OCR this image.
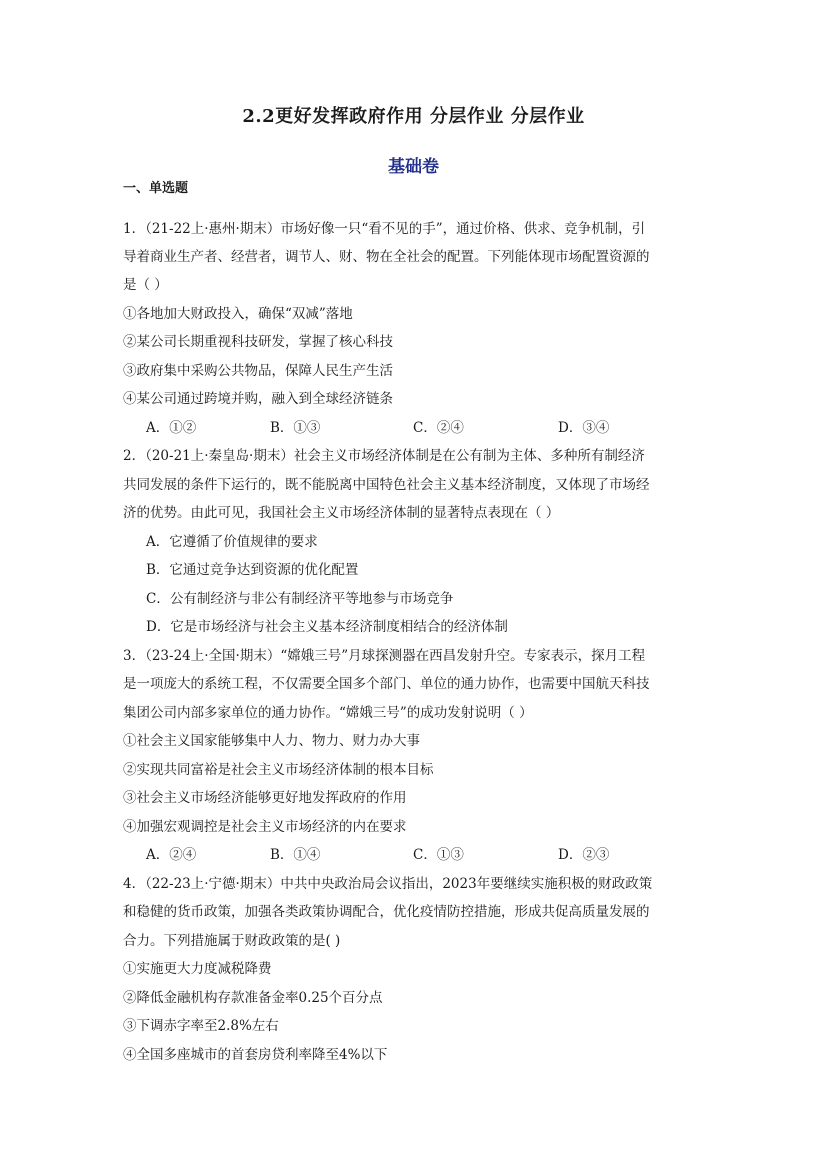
2.2更好发挥政府作用 分层作业 分层作业
基础卷
一、单选题
1．（21-22上·惠州·期末）市场好像一只“看不见的手”，通过价格、供求、竞争机制，引
导着商业生产者、经营者，调节人、财、物在全社会的配置。下列能体现市场配置资源的
是（ ）
①各地加大财政投入，确保“双减”落地
②某公司长期重视科技研发，掌握了核心科技
③政府集中采购公共物品，保障人民生产生活
④某公司通过跨境并购，融入到全球经济链条
A．①②	B．①③	C．②④	D．③④
2．（20-21上·秦皇岛·期末）社会主义市场经济体制是在公有制为主体、多种所有制经济
共同发展的条件下运行的，既不能脱离中国特色社会主义基本经济制度，又体现了市场经
济的优势。由此可见，我国社会主义市场经济体制的显著特点表现在（ ）
A．它遵循了价值规律的要求
B．它通过竞争达到资源的优化配置
C．公有制经济与非公有制经济平等地参与市场竞争
D．它是市场经济与社会主义基本经济制度相结合的经济体制
3．（23-24上·全国·期末）“嫦娥三号”月球探测器在西昌发射升空。专家表示，探月工程
是一项庞大的系统工程，不仅需要全国多个部门、单位的通力协作，也需要中国航天科技
集团公司内部多家单位的通力协作。“嫦娥三号”的成功发射说明（ ）
①社会主义国家能够集中人力、物力、财力办大事
②实现共同富裕是社会主义市场经济体制的根本目标
③社会主义市场经济能够更好地发挥政府的作用
④加强宏观调控是社会主义市场经济的内在要求
A．②④	B．①④	C．①③	D．②③
4．（22-23上·宁德·期末）中共中央政治局会议指出，2023年要继续实施积极的财政政策
和稳健的货币政策，加强各类政策协调配合，优化疫情防控措施，形成共促高质量发展的
合力。下列措施属于财政政策的是( )
①实施更大力度减税降费
②降低金融机构存款准备金率0.25个百分点
③下调赤字率至2.8%左右
④全国多座城市的首套房贷利率降至4%以下
